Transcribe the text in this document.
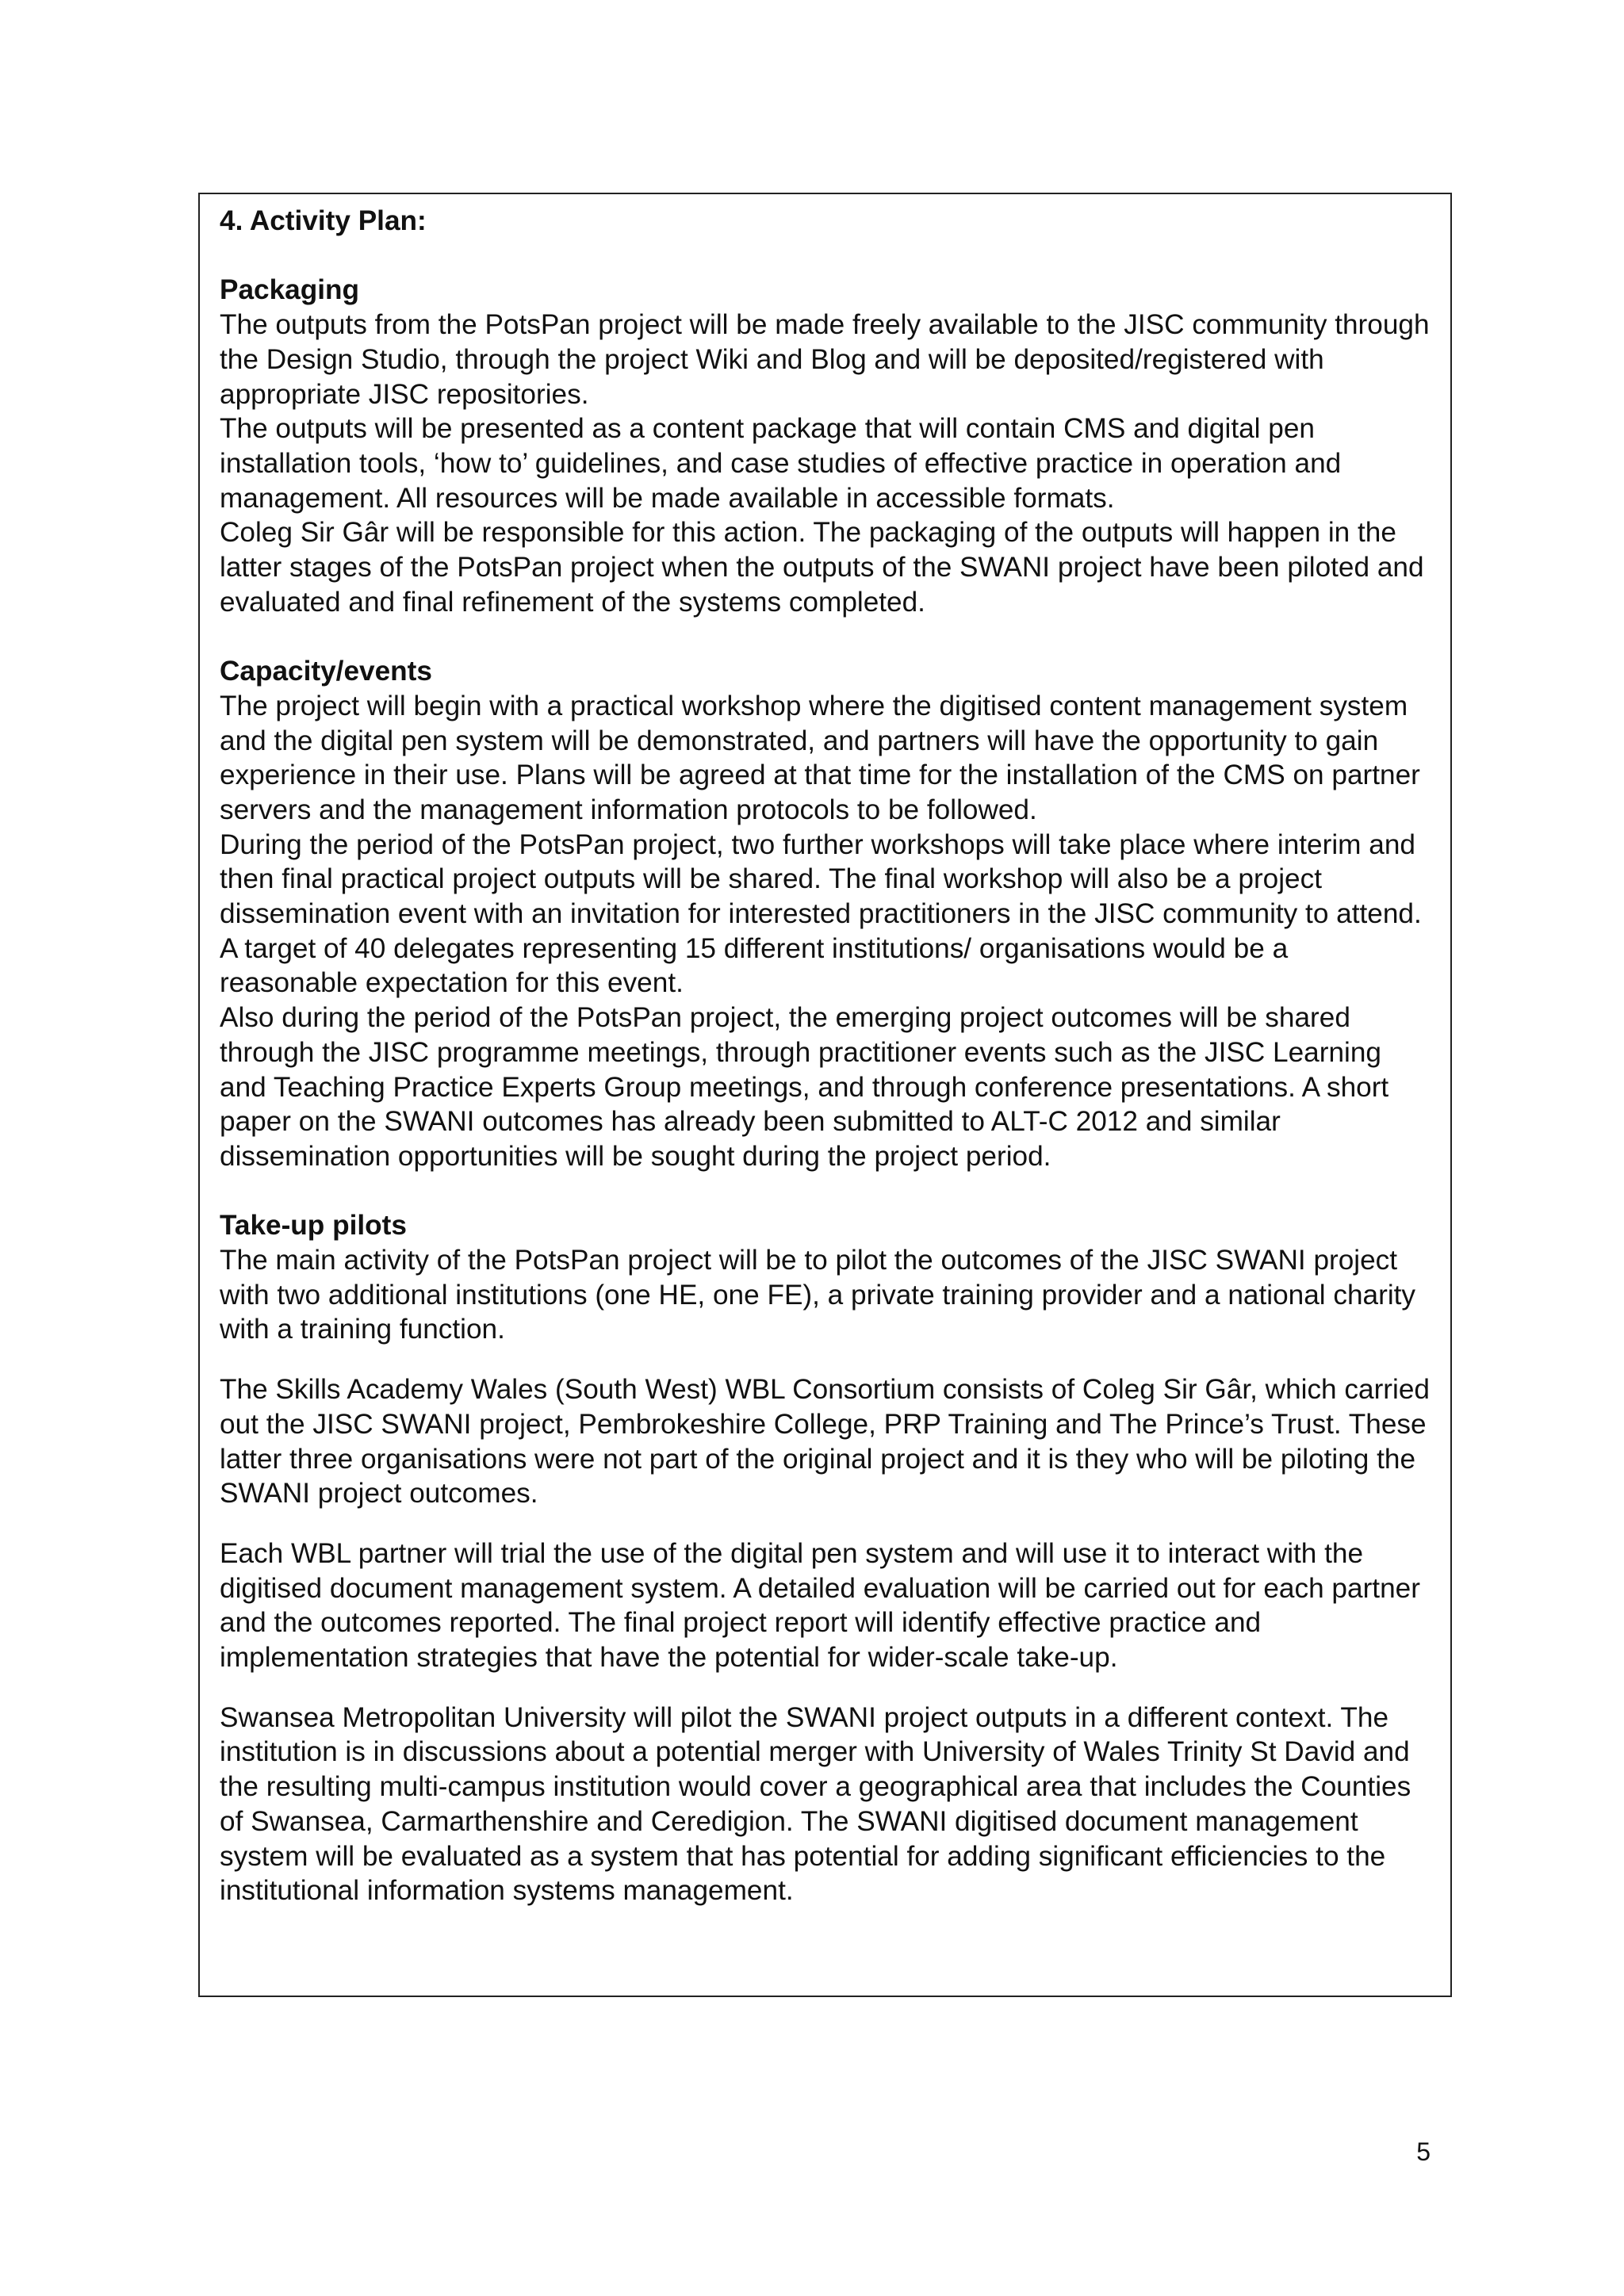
4. Activity Plan:
Packaging

The outputs from the PotsPan project will be made freely available to the JISC community through the Design Studio, through the project Wiki and Blog and will be deposited/registered with appropriate JISC repositories.

The outputs will be presented as a content package that will contain CMS and digital pen installation tools, ‘how to’ guidelines, and case studies of effective practice in operation and management. All resources will be made available in accessible formats.

Coleg Sir Gâr will be responsible for this action. The packaging of the outputs will happen in the latter stages of the PotsPan project when the outputs of the SWANI project have been piloted and evaluated and final refinement of the systems completed.

Capacity/events

The project will begin with a practical workshop where the digitised content management system and the digital pen system will be demonstrated, and partners will have the opportunity to gain experience in their use. Plans will be agreed at that time for the installation of the CMS on partner servers and the management information protocols to be followed.

During the period of the PotsPan project, two further workshops will take place where interim and then final practical project outputs will be shared. The final workshop will also be a project dissemination event with an invitation for interested practitioners in the JISC community to attend. A target of 40 delegates representing 15 different institutions/ organisations would be a reasonable expectation for this event.

Also during the period of the PotsPan project, the emerging project outcomes will be shared through the JISC programme meetings, through practitioner events such as the JISC Learning and Teaching Practice Experts Group meetings, and through conference presentations. A short paper on the SWANI outcomes has already been submitted to ALT-C 2012 and similar dissemination opportunities will be sought during the project period.

Take-up pilots

The main activity of the PotsPan project will be to pilot the outcomes of the JISC SWANI project with two additional institutions (one HE, one FE), a private training provider and a national charity with a training function.

The Skills Academy Wales (South West) WBL Consortium consists of Coleg Sir Gâr, which carried out the JISC SWANI project, Pembrokeshire College, PRP Training and The Prince’s Trust. These latter three organisations were not part of the original project and it is they who will be piloting the SWANI project outcomes.

Each WBL partner will trial the use of the digital pen system and will use it to interact with the digitised document management system. A detailed evaluation will be carried out for each partner and the outcomes reported. The final project report will identify effective practice and implementation strategies that have the potential for wider-scale take-up.

Swansea Metropolitan University will pilot the SWANI project outputs in a different context. The institution is in discussions about a potential merger with University of Wales Trinity St David and the resulting multi-campus institution would cover a geographical area that includes the Counties of Swansea, Carmarthenshire and Ceredigion. The SWANI digitised document management system will be evaluated as a system that has potential for adding significant efficiencies to the institutional information systems management.

5
